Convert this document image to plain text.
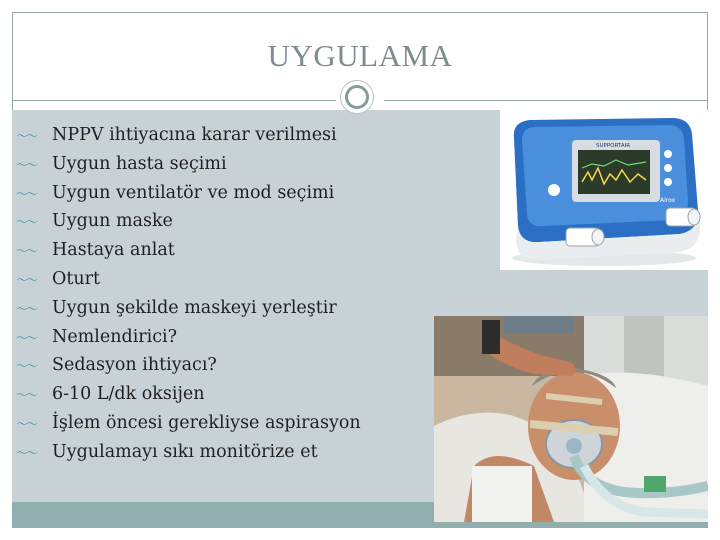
UYGULAMA
〜〜 NPPV ihtiyacına karar verilmesi
〜〜 Uygun hasta seçimi
〜〜 Uygun ventilatör ve mod seçimi
〜〜 Uygun maske
〜〜 Hastaya anlat
〜〜 Oturt
〜〜 Uygun şekilde maskeyi yerleştir
〜〜 Nemlendirici?
〜〜 Sedasyon ihtiyacı?
〜〜 6-10 L/dk oksijen
〜〜 İşlem öncesi gerekliyse aspirasyon
〜〜 Uygulamayı sıkı monitörize et
SUPPORTAIR
Airox
